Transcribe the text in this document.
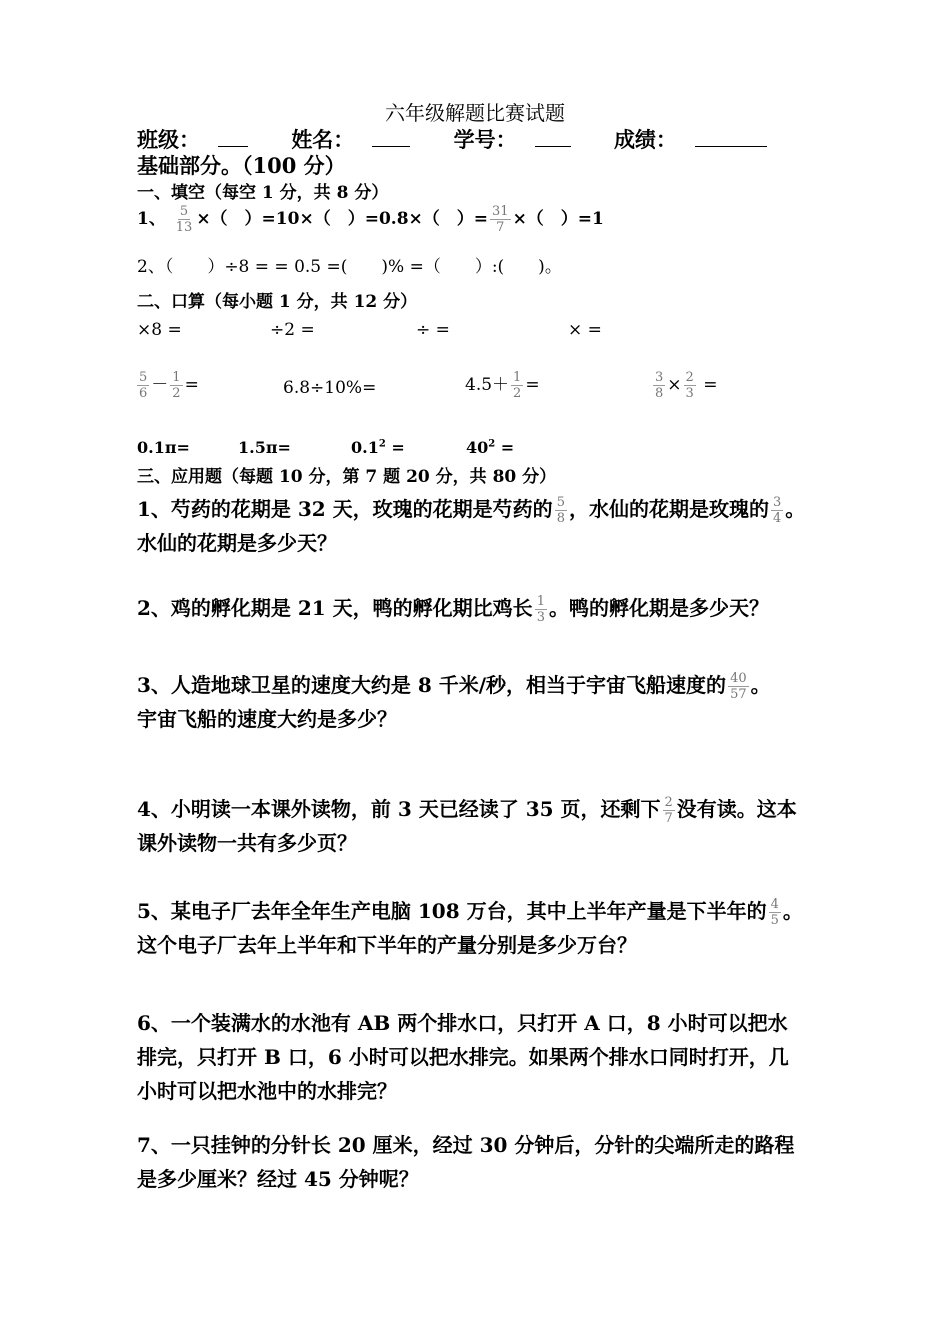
六年级解题比赛试题
班级：	姓名：	学号：	成绩：
基础部分。（100 分）
一、填空（每空 1 分，共 8 分）
1、 $\frac{5}{13}$ ×（　）=10×（　）=0.8×（　）= $\frac{31}{7}$ ×（　）=1
2、（　　）÷8 = = 0.5 =(　　)% =（　　）:(　　)。
二、口算（每小题 1 分，共 12 分）
×8 =	÷2 =	÷ =	× =
$\frac{5}{6} - \frac{1}{2}$ =	6.8÷10%=	$4.5+ \frac{1}{2}$ =	$\frac{3}{8} \times \frac{2}{3}$ =
0.1π=	1.5π=	$0.1^2$ =	$40^2$ =
三、应用题（每题 10 分，第 7 题 20 分，共 80 分）
1、芍药的花期是 32 天，玫瑰的花期是芍药的 $\frac{5}{8}$ ，水仙的花期是玫瑰的 $\frac{3}{4}$ 。
水仙的花期是多少天？
2、鸡的孵化期是 21 天，鸭的孵化期比鸡长 $\frac{1}{3}$ 。鸭的孵化期是多少天？
3、人造地球卫星的速度大约是 8 千米/秒，相当于宇宙飞船速度的 $\frac{40}{57}$ 。
宇宙飞船的速度大约是多少？
4、小明读一本课外读物，前 3 天已经读了 35 页，还剩下 $\frac{2}{7}$ 没有读。这本
课外读物一共有多少页？
5、某电子厂去年全年生产电脑 108 万台，其中上半年产量是下半年的 $\frac{4}{5}$ 。
这个电子厂去年上半年和下半年的产量分别是多少万台？
6、一个装满水的水池有 AB 两个排水口，只打开 A 口，8 小时可以把水
排完，只打开 B 口，6 小时可以把水排完。如果两个排水口同时打开，几
小时可以把水池中的水排完？
7、一只挂钟的分针长 20 厘米，经过 30 分钟后，分针的尖端所走的路程
是多少厘米？经过 45 分钟呢？
